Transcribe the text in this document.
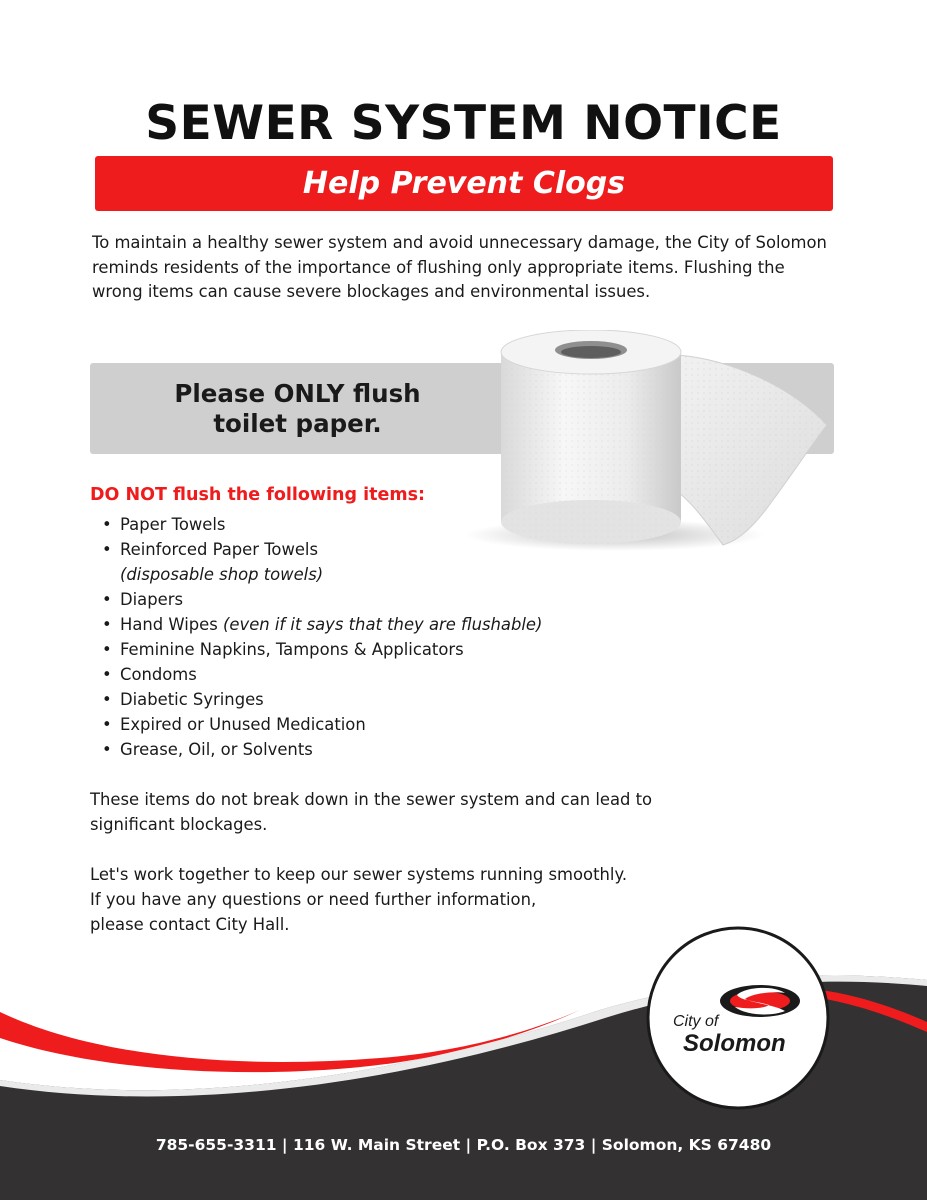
SEWER SYSTEM NOTICE
Help Prevent Clogs

To maintain a healthy sewer system and avoid unnecessary damage, the City of Solomon reminds residents of the importance of flushing only appropriate items. Flushing the wrong items can cause severe blockages and environmental issues.

Please ONLY flush
toilet paper.
DO NOT flush the following items:
• Paper Towels
• Reinforced Paper Towels
(disposable shop towels)
• Diapers
• Hand Wipes (even if it says that they are flushable)
• Feminine Napkins, Tampons & Applicators
• Condoms
• Diabetic Syringes
• Expired or Unused Medication
• Grease, Oil, or Solvents

These items do not break down in the sewer system and can lead to
significant blockages.

Let's work together to keep our sewer systems running smoothly.
If you have any questions or need further information,
please contact City Hall.

785-655-3311 | 116 W. Main Street | P.O. Box 373 | Solomon, KS 67480
City of
Solomon
